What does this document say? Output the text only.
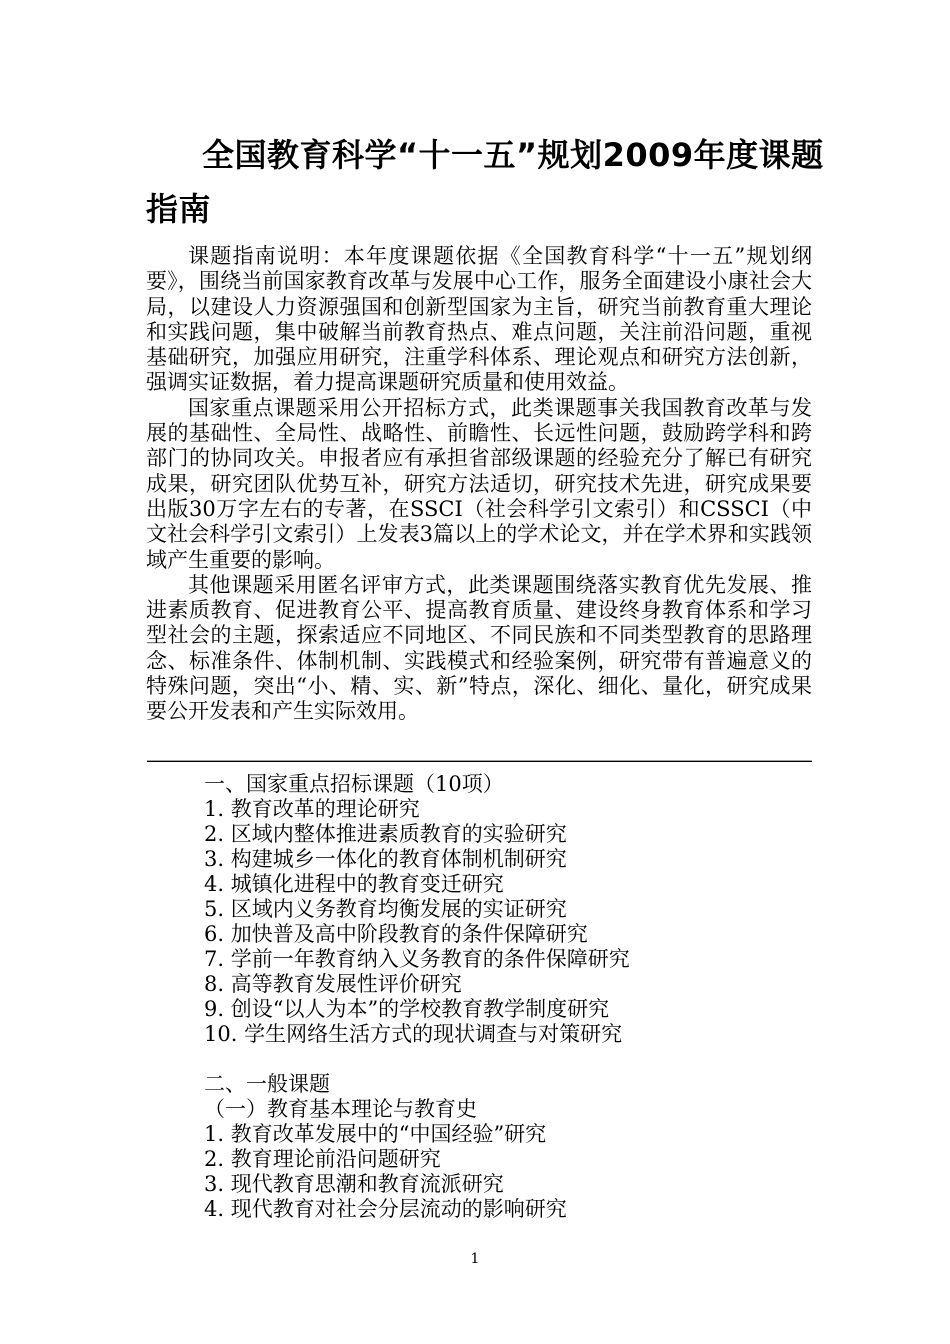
全国教育科学“十一五”规划2009年度课题指南

课题指南说明：本年度课题依据《全国教育科学“十一五”规划纲要》，围绕当前国家教育改革与发展中心工作，服务全面建设小康社会大局，以建设人力资源强国和创新型国家为主旨，研究当前教育重大理论和实践问题，集中破解当前教育热点、难点问题，关注前沿问题，重视基础研究，加强应用研究，注重学科体系、理论观点和研究方法创新，强调实证数据，着力提高课题研究质量和使用效益。

国家重点课题采用公开招标方式，此类课题事关我国教育改革与发展的基础性、全局性、战略性、前瞻性、长远性问题，鼓励跨学科和跨部门的协同攻关。申报者应有承担省部级课题的经验充分了解已有研究成果，研究团队优势互补，研究方法适切，研究技术先进，研究成果要出版30万字左右的专著，在SSCI（社会科学引文索引）和CSSCI（中文社会科学引文索引）上发表3篇以上的学术论文，并在学术界和实践领域产生重要的影响。

其他课题采用匿名评审方式，此类课题围绕落实教育优先发展、推进素质教育、促进教育公平、提高教育质量、建设终身教育体系和学习型社会的主题，探索适应不同地区、不同民族和不同类型教育的思路理念、标准条件、体制机制、实践模式和经验案例，研究带有普遍意义的特殊问题，突出“小、精、实、新”特点，深化、细化、量化，研究成果要公开发表和产生实际效用。

———————————————————————————————————
一、国家重点招标课题（10项）
1. 教育改革的理论研究
2. 区域内整体推进素质教育的实验研究
3. 构建城乡一体化的教育体制机制研究
4. 城镇化进程中的教育变迁研究
5. 区域内义务教育均衡发展的实证研究
6. 加快普及高中阶段教育的条件保障研究
7. 学前一年教育纳入义务教育的条件保障研究
8. 高等教育发展性评价研究
9. 创设“以人为本”的学校教育教学制度研究
10. 学生网络生活方式的现状调查与对策研究
二、一般课题
（一）教育基本理论与教育史
1. 教育改革发展中的“中国经验”研究
2. 教育理论前沿问题研究
3. 现代教育思潮和教育流派研究
4. 现代教育对社会分层流动的影响研究
1
